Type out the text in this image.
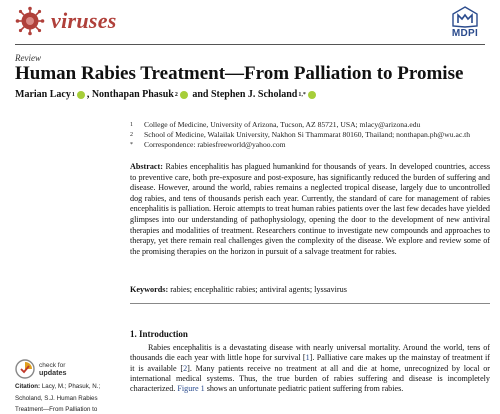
viruses
MDPI
Review
Human Rabies Treatment—From Palliation to Promise
Marian Lacy 1 ,
Nonthapan Phasuk 2
and
Stephen J. Scholand 1,*
1	College of Medicine, University of Arizona, Tucson, AZ 85721, USA; mlacy@arizona.edu
2	School of Medicine, Walailak University, Nakhon Si Thammarat 80160, Thailand; nonthapan.ph@wu.ac.th
*	Correspondence: rabiesfreeworld@yahoo.com

Abstract: Rabies encephalitis has plagued humankind for thousands of years. In developed countries, access to preventive care, both pre-exposure and post-exposure, has significantly reduced the burden of suffering and disease. However, around the world, rabies remains a neglected tropical disease, largely due to uncontrolled dog rabies, and tens of thousands perish each year. Currently, the standard of care for management of rabies encephalitis is palliation. Heroic attempts to treat human rabies patients over the last few decades have yielded glimpses into our understanding of pathophysiology, opening the door to the development of new antiviral therapies and modalities of treatment. Researchers continue to investigate new compounds and approaches to therapy, yet there remain real challenges given the complexity of the disease. We explore and review some of the promising therapies on the horizon in pursuit of a salvage treatment for rabies.

Keywords: rabies; encephalitic rabies; antiviral agents; lyssavirus

1. Introduction

Rabies encephalitis is a devastating disease with nearly universal mortality. Around the world, tens of thousands die each year with little hope for survival [1]. Palliative care makes up the mainstay of treatment if it is available [2]. Many patients receive no treatment at all and die at home, unrecognized by local or international medical systems. Thus, the true burden of rabies suffering and disease is incompletely characterized. Figure 1 shows an unfortunate pediatric patient suffering from rabies.

check for
updates
Citation: Lacy, M.; Phasuk, N.;
Scholand, S.J. Human Rabies
Treatment—From Palliation to
